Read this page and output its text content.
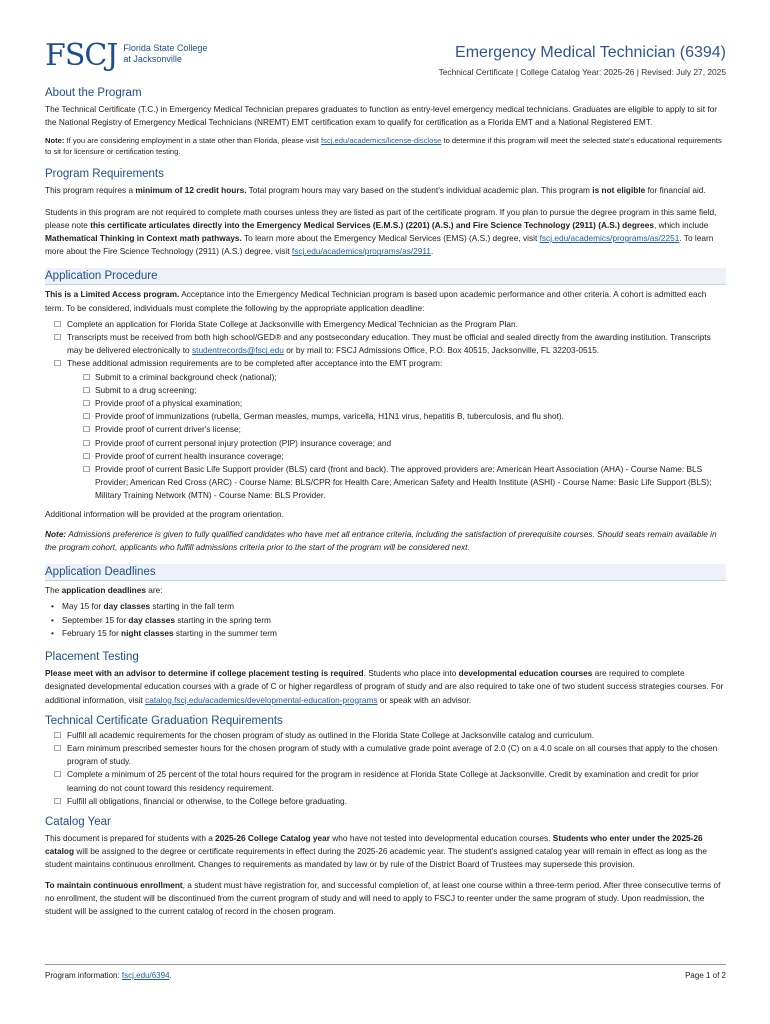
FSCJ Florida State College
at Jacksonville	Emergency Medical Technician (6394)
Technical Certificate | College Catalog Year: 2025-26 | Revised: July 27, 2025
About the Program

The Technical Certificate (T.C.) in Emergency Medical Technician prepares graduates to function as entry-level emergency medical technicians. Graduates are eligible to apply to sit for the National Registry of Emergency Medical Technicians (NREMT) EMT certification exam to qualify for certification as a Florida EMT and a National Registered EMT.

Note: If you are considering employment in a state other than Florida, please visit fscj.edu/academics/license-disclose to determine if this program will meet the selected state's educational requirements to sit for licensure or certification testing.

Program Requirements

This program requires a minimum of 12 credit hours. Total program hours may vary based on the student's individual academic plan. This program is not eligible for financial aid.

Students in this program are not required to complete math courses unless they are listed as part of the certificate program. If you plan to pursue the degree program in this same field, please note this certificate articulates directly into the Emergency Medical Services (E.M.S.) (2201) (A.S.) and Fire Science Technology (2911) (A.S.) degrees, which include Mathematical Thinking in Context math pathways. To learn more about the Emergency Medical Services (EMS) (A.S.) degree, visit fscj.edu/academics/programs/as/2251. To learn more about the Fire Science Technology (2911) (A.S.) degree, visit fscj.edu/academics/programs/as/2911.

Application Procedure

This is a Limited Access program. Acceptance into the Emergency Medical Technician program is based upon academic performance and other criteria. A cohort is admitted each term. To be considered, individuals must complete the following by the appropriate application deadline:

☐ Complete an application for Florida State College at Jacksonville with Emergency Medical Technician as the Program Plan.
☐ Transcripts must be received from both high school/GED® and any postsecondary education. They must be official and sealed directly from the awarding institution. Transcripts may be delivered electronically to studentrecords@fscj.edu or by mail to: FSCJ Admissions Office, P.O. Box 40515, Jacksonville, FL 32203-0515.
☐ These additional admission requirements are to be completed after acceptance into the EMT program:
☐ Submit to a criminal background check (national);
☐ Submit to a drug screening;
☐ Provide proof of a physical examination;
☐ Provide proof of immunizations (rubella, German measles, mumps, varicella, H1N1 virus, hepatitis B, tuberculosis, and flu shot).
☐ Provide proof of current driver's license;
☐ Provide proof of current personal injury protection (PIP) insurance coverage; and
☐ Provide proof of current health insurance coverage;
☐ Provide proof of current Basic Life Support provider (BLS) card (front and back). The approved providers are: American Heart Association (AHA) - Course Name: BLS Provider; American Red Cross (ARC) - Course Name: BLS/CPR for Health Care; American Safety and Health Institute (ASHI) - Course Name: Basic Life Support (BLS); Military Training Network (MTN) - Course Name: BLS Provider.

Additional information will be provided at the program orientation.

Note: Admissions preference is given to fully qualified candidates who have met all entrance criteria, including the satisfaction of prerequisite courses. Should seats remain available in the program cohort, applicants who fulfill admissions criteria prior to the start of the program will be considered next.

Application Deadlines

The application deadlines are:

• May 15 for day classes starting in the fall term
• September 15 for day classes starting in the spring term
• February 15 for night classes starting in the summer term
Placement Testing

Please meet with an advisor to determine if college placement testing is required. Students who place into developmental education courses are required to complete designated developmental education courses with a grade of C or higher regardless of program of study and are also required to take one of two student success strategies courses. For additional information, visit catalog.fscj.edu/academics/developmental-education-programs or speak with an advisor.

Technical Certificate Graduation Requirements
☐ Fulfill all academic requirements for the chosen program of study as outlined in the Florida State College at Jacksonville catalog and curriculum.
☐ Earn minimum prescribed semester hours for the chosen program of study with a cumulative grade point average of 2.0 (C) on a 4.0 scale on all courses that apply to the chosen program of study.
☐ Complete a minimum of 25 percent of the total hours required for the program in residence at Florida State College at Jacksonville. Credit by examination and credit for prior learning do not count toward this residency requirement.
☐ Fulfill all obligations, financial or otherwise, to the College before graduating.
Catalog Year

This document is prepared for students with a 2025-26 College Catalog year who have not tested into developmental education courses. Students who enter under the 2025-26 catalog will be assigned to the degree or certificate requirements in effect during the 2025-26 academic year. The student's assigned catalog year will remain in effect as long as the student maintains continuous enrollment. Changes to requirements as mandated by law or by rule of the District Board of Trustees may supersede this provision.

To maintain continuous enrollment, a student must have registration for, and successful completion of, at least one course within a three-term period. After three consecutive terms of no enrollment, the student will be discontinued from the current program of study and will need to apply to FSCJ to reenter under the same program of study. Upon readmission, the student will be assigned to the current catalog of record in the chosen program.

Program information: fscj.edu/6394.	Page 1 of 2
